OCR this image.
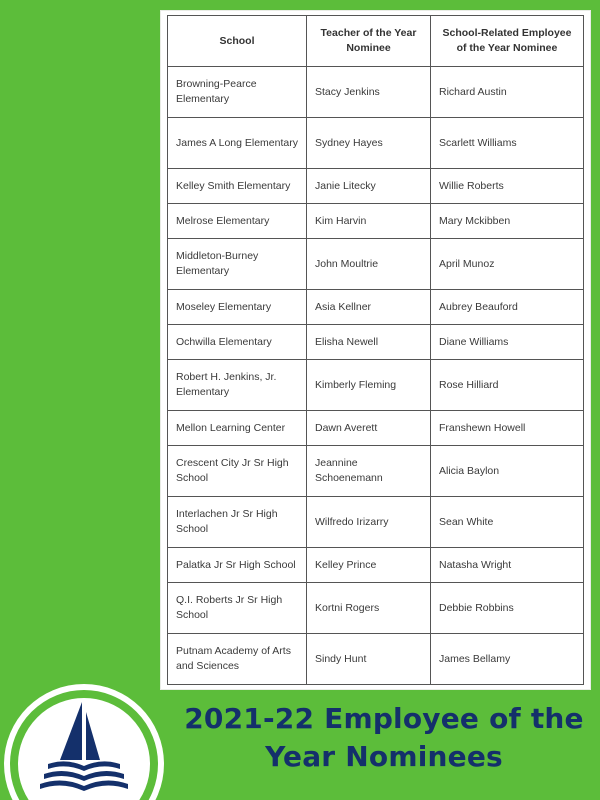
School	Teacher of the Year Nominee	School-Related Employee of the Year Nominee
Browning-Pearce Elementary	Stacy Jenkins	Richard Austin
James A Long Elementary	Sydney Hayes	Scarlett Williams
Kelley Smith Elementary	Janie Litecky	Willie Roberts
Melrose Elementary	Kim Harvin	Mary Mckibben
Middleton-Burney Elementary	John Moultrie	April Munoz
Moseley Elementary	Asia Kellner	Aubrey Beauford
Ochwilla Elementary	Elisha Newell	Diane Williams
Robert H. Jenkins, Jr. Elementary	Kimberly Fleming	Rose Hilliard
Mellon Learning Center	Dawn Averett	Franshewn Howell
Crescent City Jr Sr High School	Jeannine Schoenemann	Alicia Baylon
Interlachen Jr Sr High School	Wilfredo Irizarry	Sean White
Palatka Jr Sr High School	Kelley Prince	Natasha Wright
Q.I. Roberts Jr Sr High School	Kortni Rogers	Debbie Robbins
Putnam Academy of Arts and Sciences	Sindy Hunt	James Bellamy
2021-22 Employee of the
Year Nominees
